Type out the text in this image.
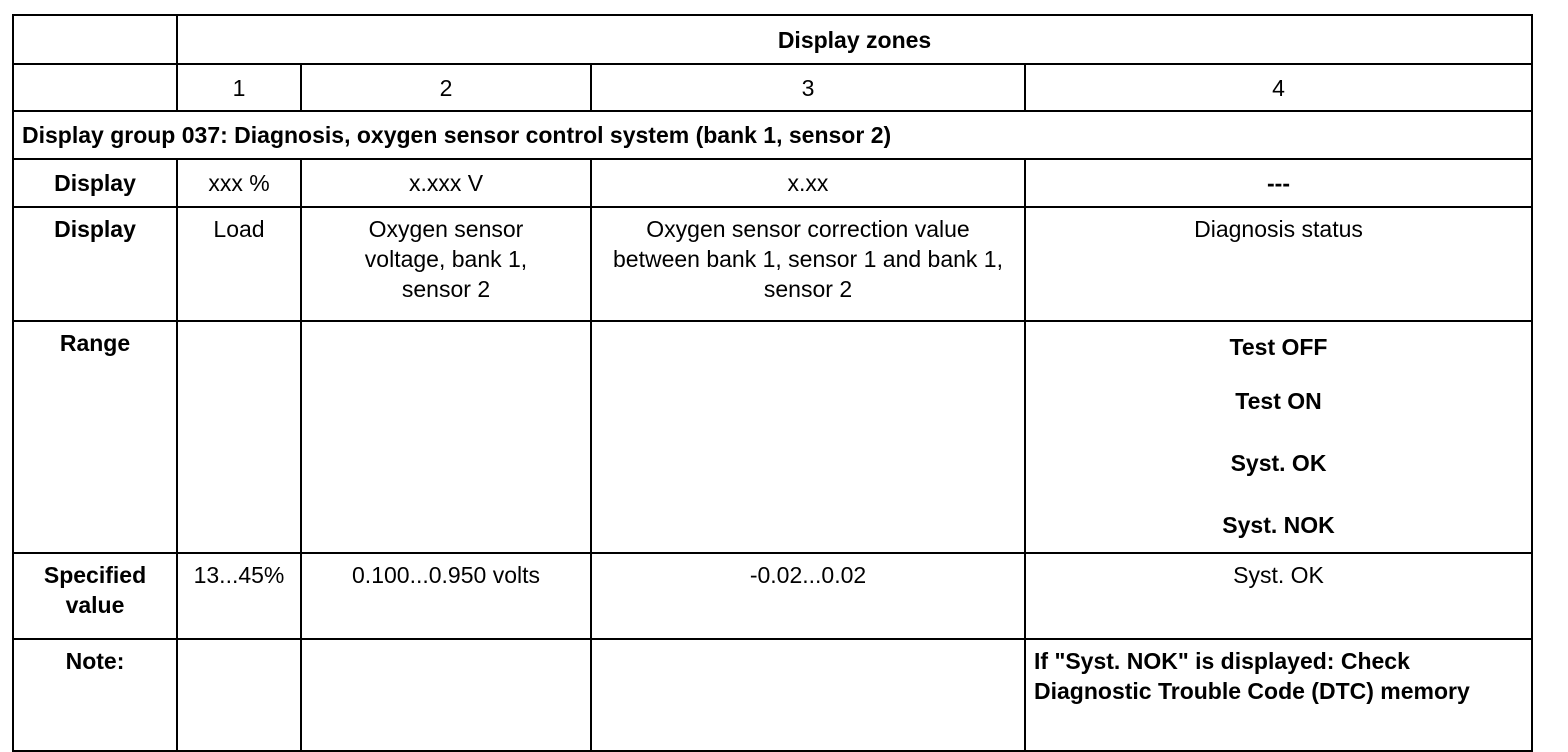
	Display zones			
	1	2	3	4
Display group 037: Diagnosis, oxygen sensor control system (bank 1, sensor 2)				
Display	xxx %	x.xxx V	x.xx	---
Display	Load	Oxygen sensor voltage, bank 1, sensor 2	Oxygen sensor correction value between bank 1, sensor 1 and bank 1, sensor 2	Diagnosis status
Range				Test OFF
Test ON
Syst. OK
Syst. NOK

Specified value	13...45%	0.100...0.950 volts	-0.02...0.02	Syst. OK
Note:				If "Syst. NOK" is displayed: Check Diagnostic Trouble Code (DTC) memory
